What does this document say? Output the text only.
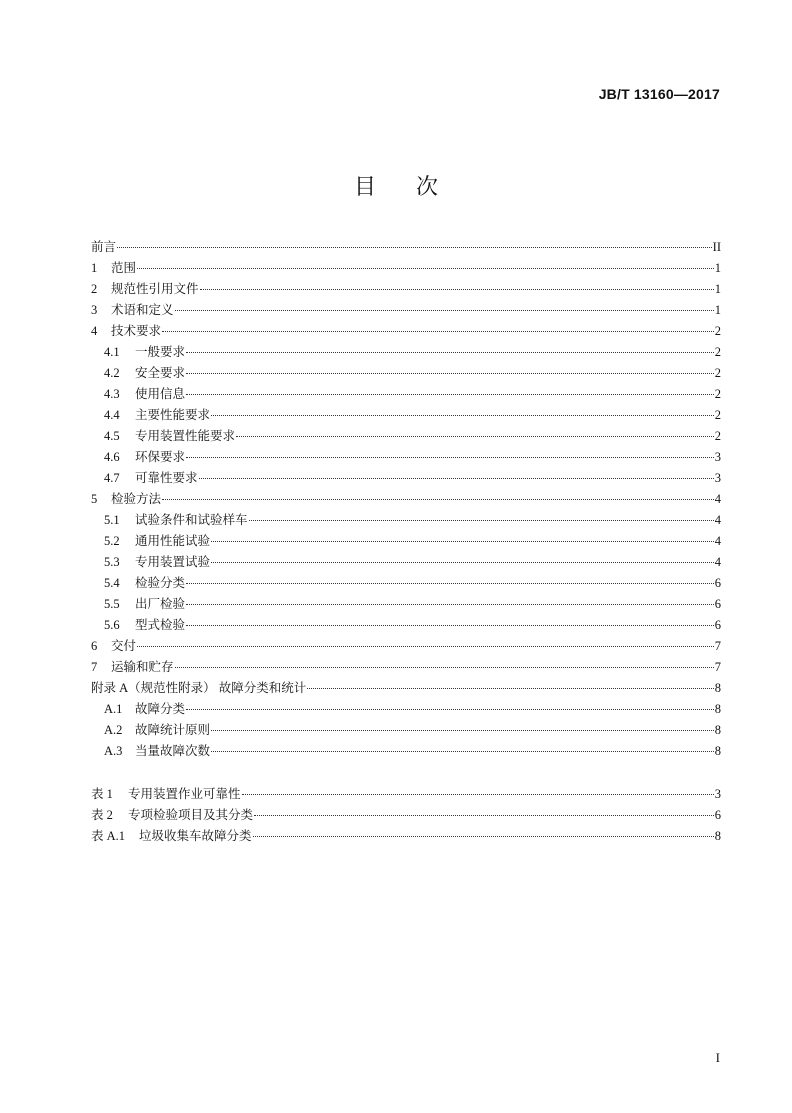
JB/T 13160—2017
目次
前言	II
1	范围	1
2	规范性引用文件	1
3	术语和定义	1
4	技术要求	2
4.1	一般要求	2
4.2	安全要求	2
4.3	使用信息	2
4.4	主要性能要求	2
4.5	专用装置性能要求	2
4.6	环保要求	3
4.7	可靠性要求	3
5	检验方法	4
5.1	试验条件和试验样车	4
5.2	通用性能试验	4
5.3	专用装置试验	4
5.4	检验分类	6
5.5	出厂检验	6
5.6	型式检验	6
6	交付	7
7	运输和贮存	7
附录 A（规范性附录） 故障分类和统计	8
A.1	故障分类	8
A.2	故障统计原则	8
A.3	当量故障次数	8
表 1	专用装置作业可靠性	3
表 2	专项检验项目及其分类	6
表 A.1	垃圾收集车故障分类	8
I
